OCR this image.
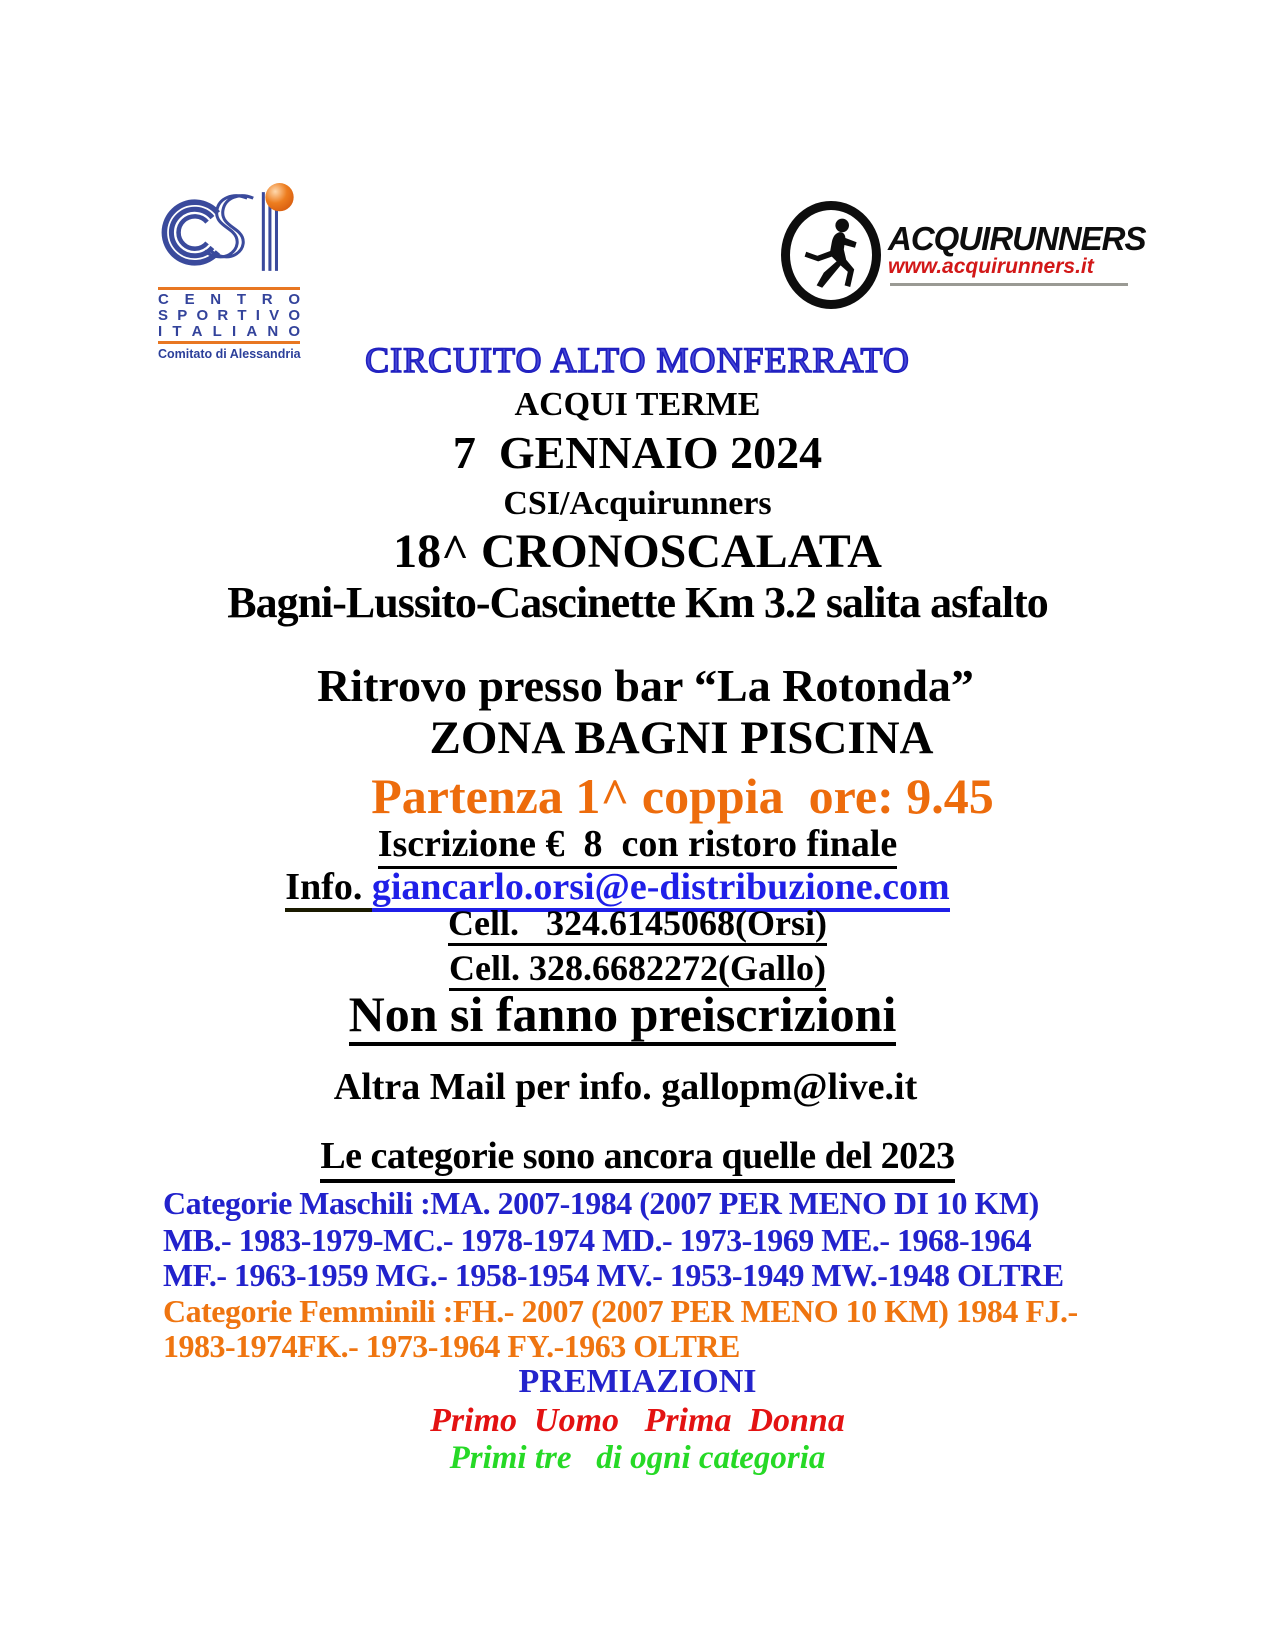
C E N T R O
S P O R T I V O
I T A L I A N O
Comitato di Alessandria
ACQUIRUNNERS
www.acquirunners.it
CIRCUITO ALTO MONFERRATO
ACQUI TERME
7  GENNAIO 2024
CSI/Acquirunners
18^ CRONOSCALATA
Bagni-Lussito-Cascinette Km 3.2 salita asfalto
Ritrovo presso bar “La Rotonda”
ZONA BAGNI PISCINA
Partenza 1^ coppia  ore: 9.45
Iscrizione €  8  con ristoro finale
Info. giancarlo.orsi@e-distribuzione.com
Cell.   324.6145068(Orsi)
Cell. 328.6682272(Gallo)
Non si fanno preiscrizioni
Altra Mail per info. gallopm@live.it
Le categorie sono ancora quelle del 2023
Categorie Maschili :MA. 2007-1984 (2007 PER MENO DI 10 KM)
MB.- 1983-1979-MC.- 1978-1974 MD.- 1973-1969 ME.- 1968-1964
MF.- 1963-1959 MG.- 1958-1954 MV.- 1953-1949 MW.-1948 OLTRE
Categorie Femminili :FH.- 2007 (2007 PER MENO 10 KM) 1984 FJ.-
1983-1974FK.- 1973-1964 FY.-1963 OLTRE
PREMIAZIONI
Primo  Uomo   Prima  Donna
Primi tre   di ogni categoria
